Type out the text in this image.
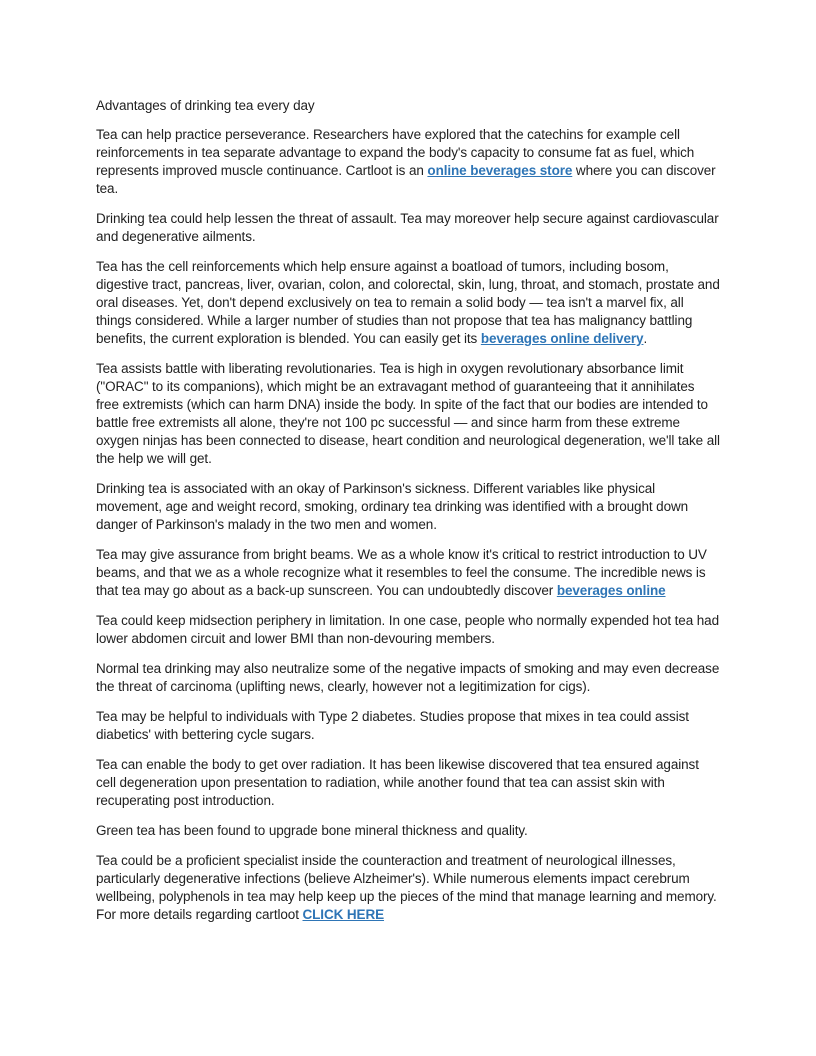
Advantages of drinking tea every day

Tea can help practice perseverance. Researchers have explored that the catechins for example cell reinforcements in tea separate advantage to expand the body's capacity to consume fat as fuel, which represents improved muscle continuance. Cartloot is an online beverages store where you can discover tea.

Drinking tea could help lessen the threat of assault. Tea may moreover help secure against cardiovascular and degenerative ailments.

Tea has the cell reinforcements which help ensure against a boatload of tumors, including bosom, digestive tract, pancreas, liver, ovarian, colon, and colorectal, skin, lung, throat, and stomach, prostate and oral diseases. Yet, don't depend exclusively on tea to remain a solid body — tea isn't a marvel fix, all things considered. While a larger number of studies than not propose that tea has malignancy battling benefits, the current exploration is blended. You can easily get its beverages online delivery.

Tea assists battle with liberating revolutionaries. Tea is high in oxygen revolutionary absorbance limit ("ORAC" to its companions), which might be an extravagant method of guaranteeing that it annihilates free extremists (which can harm DNA) inside the body. In spite of the fact that our bodies are intended to battle free extremists all alone, they're not 100 pc successful — and since harm from these extreme oxygen ninjas has been connected to disease, heart condition and neurological degeneration, we'll take all the help we will get.

Drinking tea is associated with an okay of Parkinson's sickness. Different variables like physical movement, age and weight record, smoking, ordinary tea drinking was identified with a brought down danger of Parkinson's malady in the two men and women.

Tea may give assurance from bright beams. We as a whole know it's critical to restrict introduction to UV beams, and that we as a whole recognize what it resembles to feel the consume. The incredible news is that tea may go about as a back-up sunscreen. You can undoubtedly discover beverages online

Tea could keep midsection periphery in limitation. In one case, people who normally expended hot tea had lower abdomen circuit and lower BMI than non-devouring members.

Normal tea drinking may also neutralize some of the negative impacts of smoking and may even decrease the threat of carcinoma (uplifting news, clearly, however not a legitimization for cigs).

Tea may be helpful to individuals with Type 2 diabetes. Studies propose that mixes in tea could assist diabetics' with bettering cycle sugars.

Tea can enable the body to get over radiation. It has been likewise discovered that tea ensured against cell degeneration upon presentation to radiation, while another found that tea can assist skin with recuperating post introduction.

Green tea has been found to upgrade bone mineral thickness and quality.

Tea could be a proficient specialist inside the counteraction and treatment of neurological illnesses, particularly degenerative infections (believe Alzheimer's). While numerous elements impact cerebrum wellbeing, polyphenols in tea may help keep up the pieces of the mind that manage learning and memory. For more details regarding cartloot CLICK HERE
